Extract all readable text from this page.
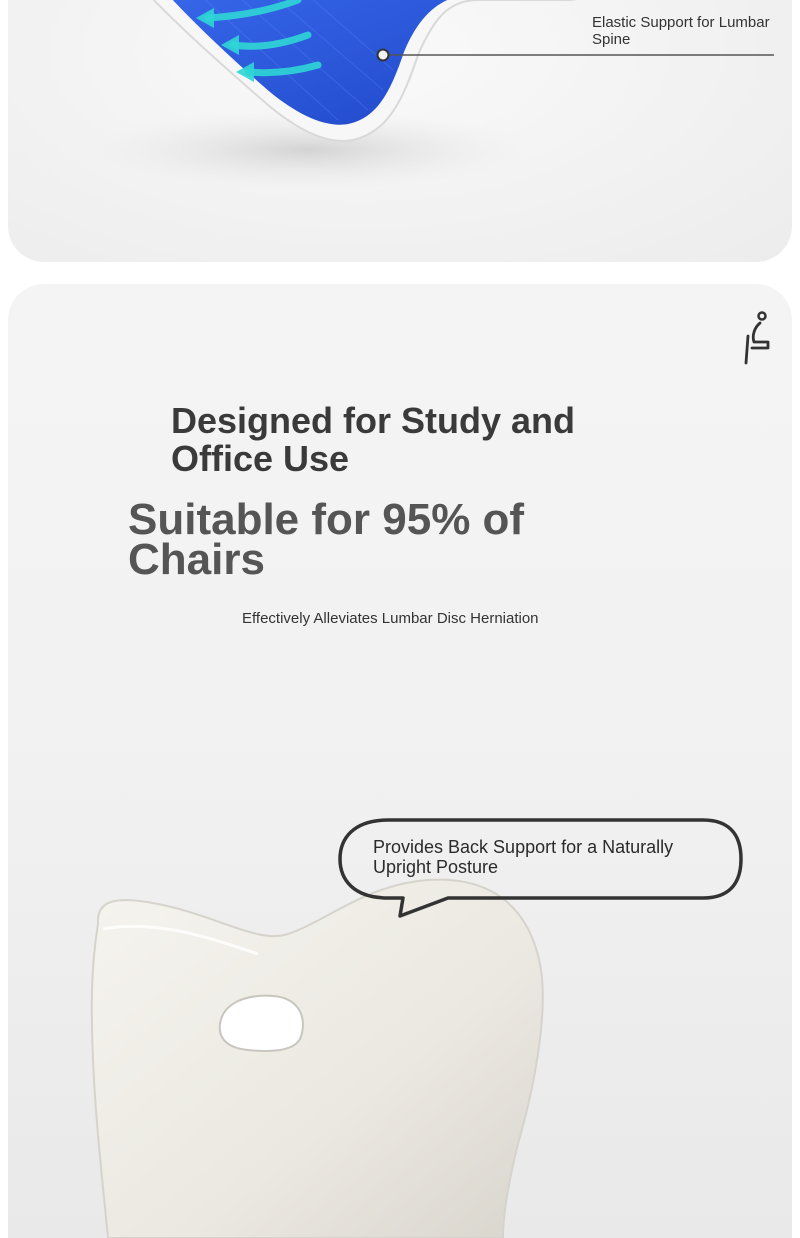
Elastic Support for Lumbar Spine
Designed for Study and Office Use
Suitable for 95% of Chairs
Effectively Alleviates Lumbar Disc Herniation
Provides Back Support for a Naturally Upright Posture
